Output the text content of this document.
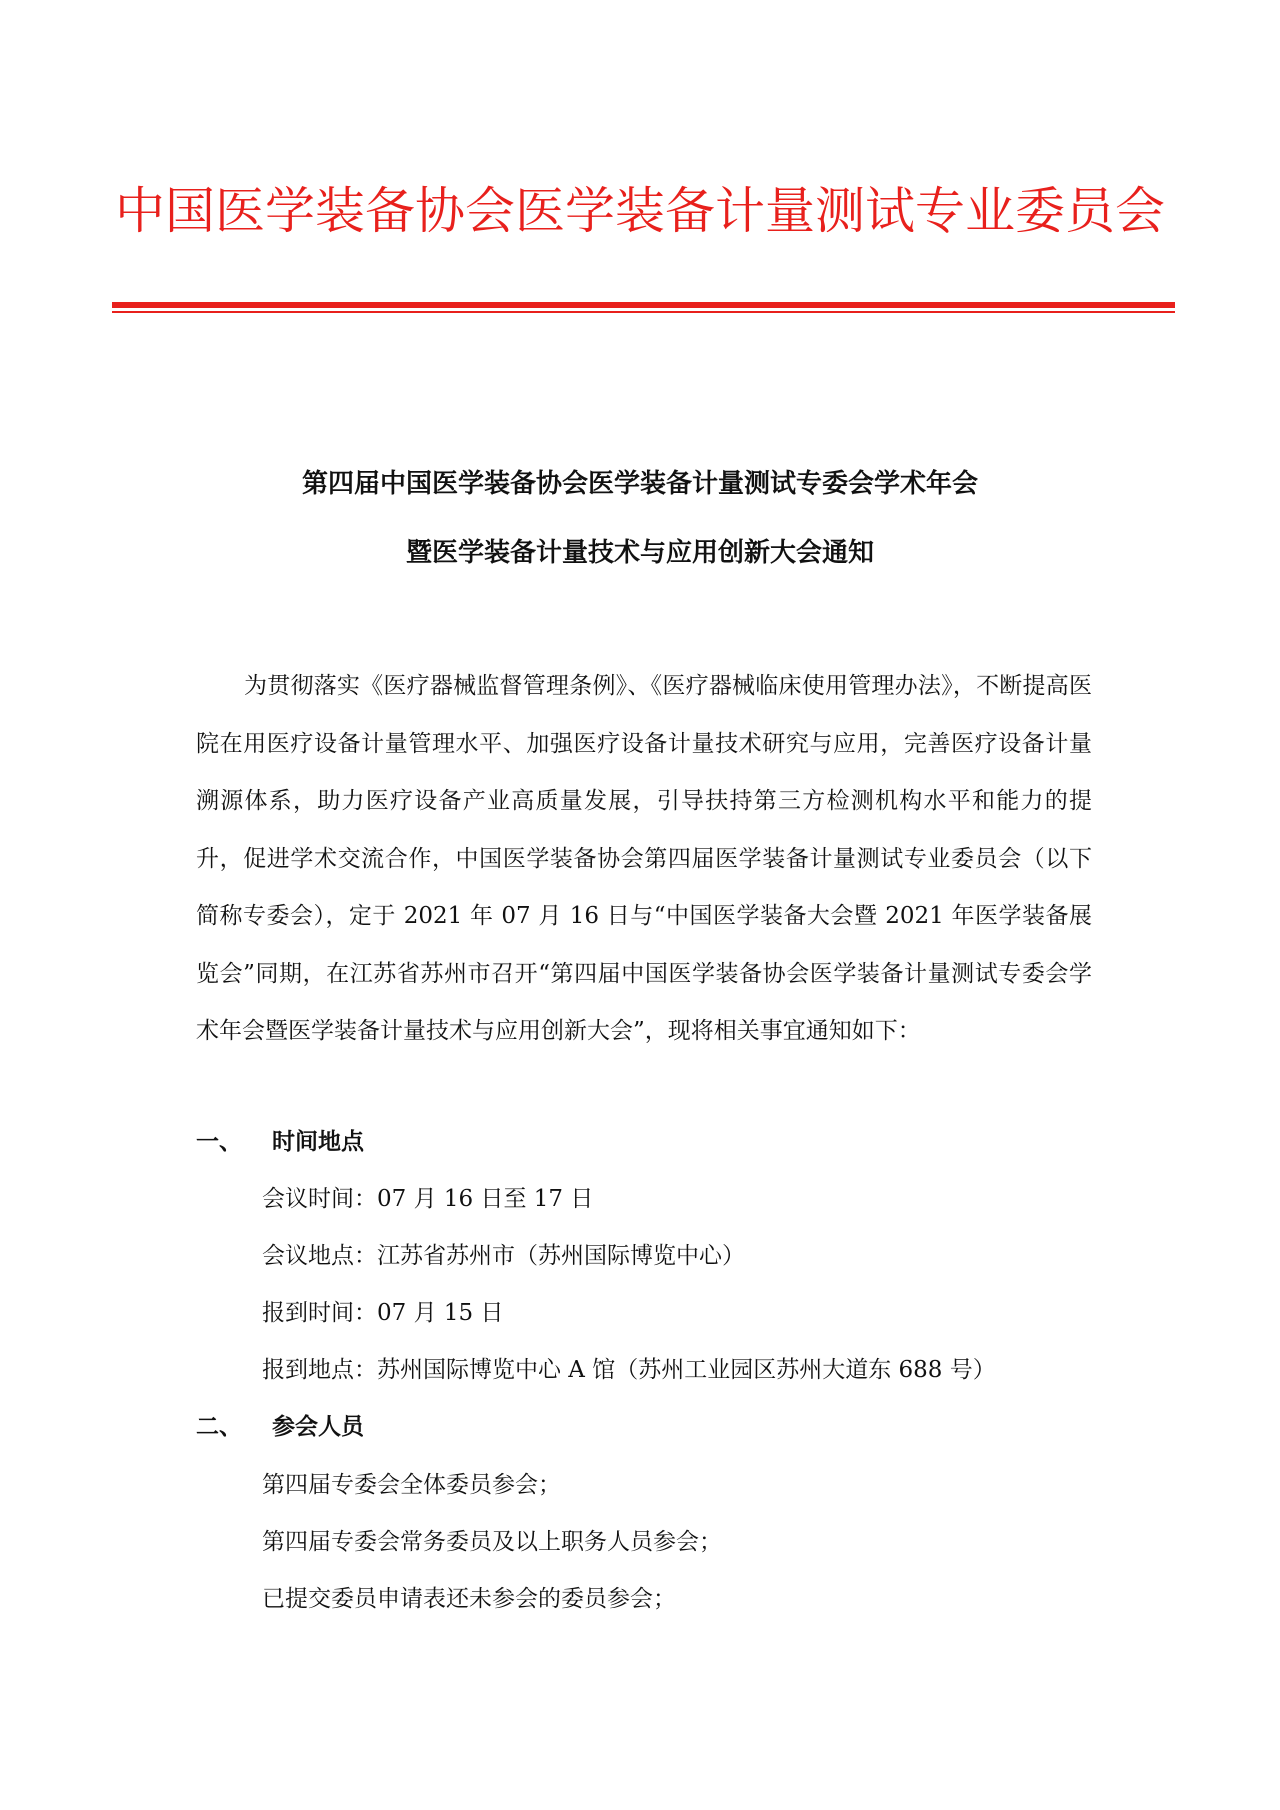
中国医学装备协会医学装备计量测试专业委员会
第四届中国医学装备协会医学装备计量测试专委会学术年会
暨医学装备计量技术与应用创新大会通知

为贯彻落实《医疗器械监督管理条例》、《医疗器械临床使用管理办法》，不断提高医院在用医疗设备计量管理水平、加强医疗设备计量技术研究与应用，完善医疗设备计量溯源体系，助力医疗设备产业高质量发展，引导扶持第三方检测机构水平和能力的提升，促进学术交流合作，中国医学装备协会第四届医学装备计量测试专业委员会（以下简称专委会），定于 2021 年 07 月 16 日与“中国医学装备大会暨 2021 年医学装备展览会”同期，在江苏省苏州市召开“第四届中国医学装备协会医学装备计量测试专委会学术年会暨医学装备计量技术与应用创新大会”，现将相关事宜通知如下：

一、 时间地点
会议时间：07 月 16 日至 17 日
会议地点：江苏省苏州市（苏州国际博览中心）
报到时间：07 月 15 日
报到地点：苏州国际博览中心 A 馆（苏州工业园区苏州大道东 688 号）
二、 参会人员
第四届专委会全体委员参会；
第四届专委会常务委员及以上职务人员参会；
已提交委员申请表还未参会的委员参会；
